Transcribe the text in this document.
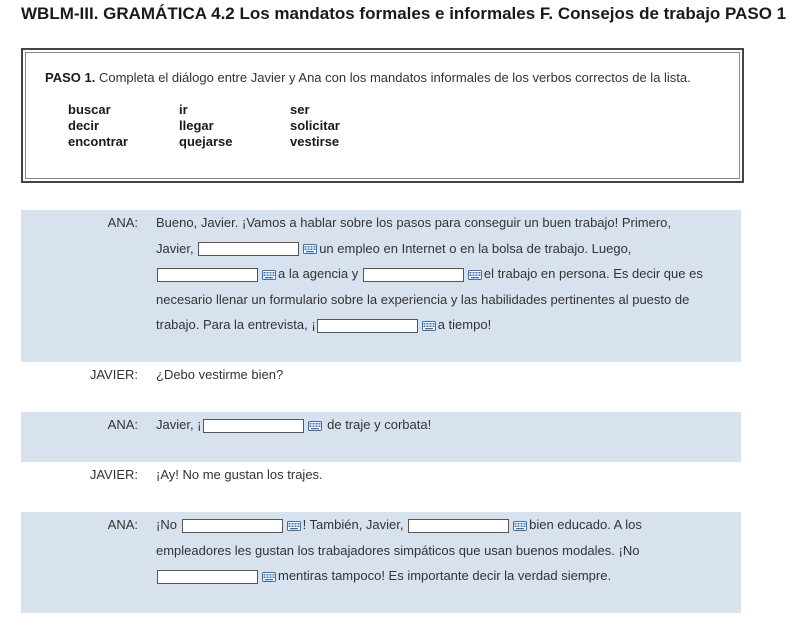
WBLM-III. GRAMÁTICA 4.2 Los mandatos formales e informales F. Consejos de trabajo PASO 1
PASO 1. Completa el diálogo entre Javier y Ana con los mandatos informales de los verbos correctos de la lista.
buscar	ir	ser
decir	llegar	solicitar
encontrar	quejarse	vestirse
ANA: Bueno, Javier. ¡Vamos a hablar sobre los pasos para conseguir un buen trabajo! Primero,
Javier,	un empleo en Internet o en la bolsa de trabajo. Luego,
a la agencia y	el trabajo en persona. Es decir que es
necesario llenar un formulario sobre la experiencia y las habilidades pertinentes al puesto de
trabajo. Para la entrevista, ¡	a tiempo!
JAVIER: ¿Debo vestirme bien?
ANA: Javier, ¡	de traje y corbata!
JAVIER: ¡Ay! No me gustan los trajes.
ANA: ¡No	! También, Javier,	bien educado. A los
empleadores les gustan los trabajadores simpáticos que usan buenos modales. ¡No
mentiras tampoco! Es importante decir la verdad siempre.
